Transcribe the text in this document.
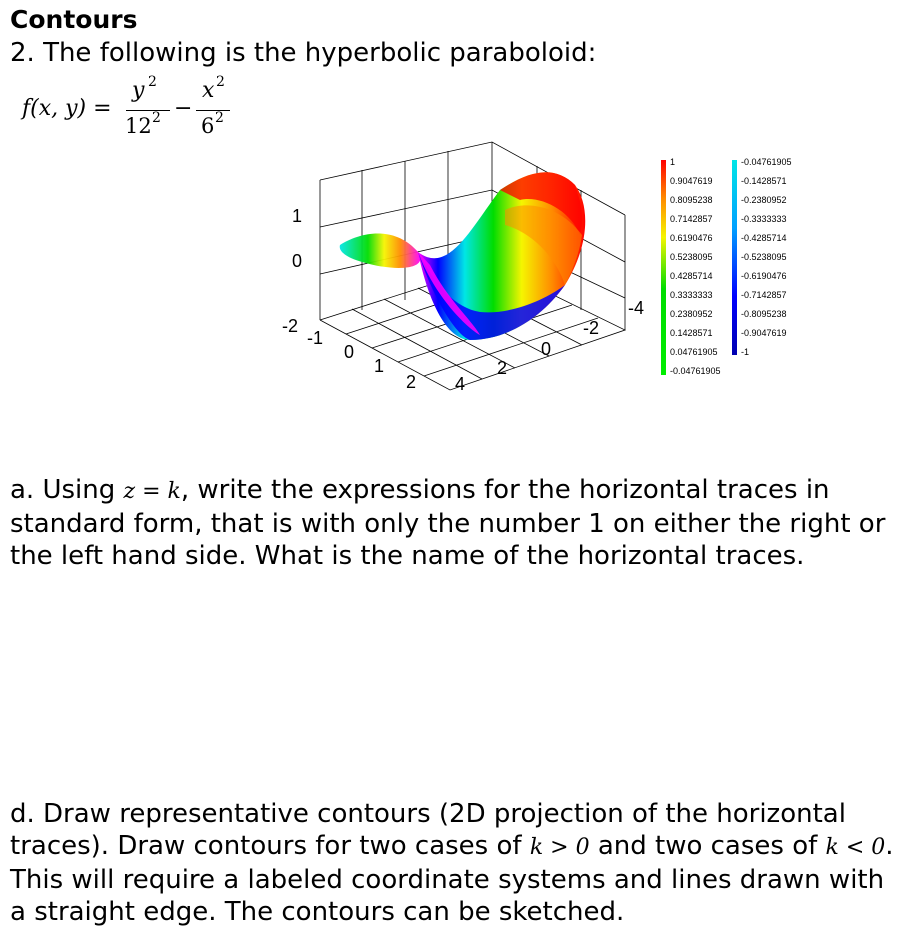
Contours
2. The following is the hyperbolic paraboloid:
f(x, y) =
y 2
12 2 −
x 2
6 2
1
0
-2
-1
0
1
2 4
2
0
-2
-4
1
0.9047619
0.8095238
0.7142857
0.6190476
0.5238095
0.4285714
0.3333333
0.2380952
0.1428571
0.04761905
-0.04761905
-0.04761905
-0.1428571
-0.2380952
-0.3333333
-0.4285714
-0.5238095
-0.6190476
-0.7142857
-0.8095238
-0.9047619
-1
a. Using z = k, write the expressions for the horizontal traces in standard form, that is with only the number 1 on either the right or the left hand side. What is the name of the horizontal traces.
d. Draw representative contours (2D projection of the horizontal traces). Draw contours for two cases of k > 0 and two cases of k < 0. This will require a labeled coordinate systems and lines drawn with a straight edge. The contours can be sketched.
